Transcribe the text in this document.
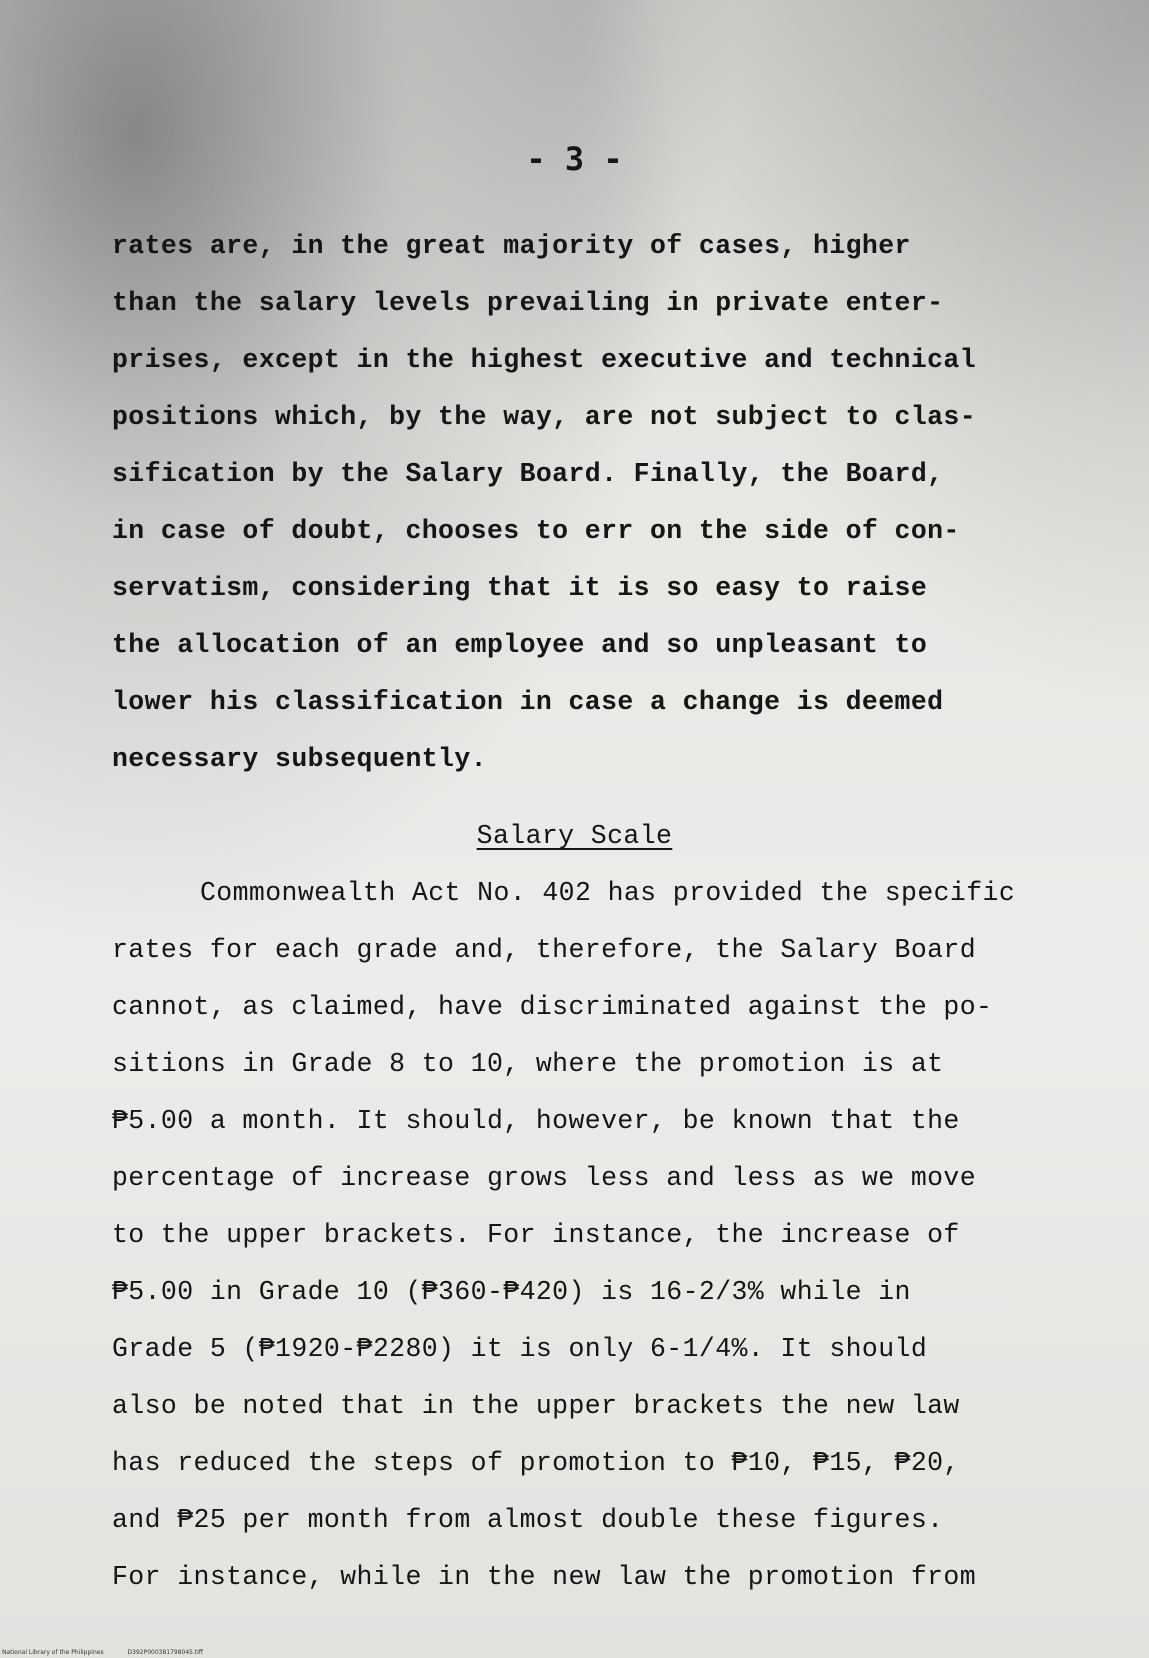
- 3 -

rates are, in the great majority of cases, higher
than the salary levels prevailing in private enter-
prises, except in the highest executive and technical
positions which, by the way, are not subject to clas-
sification by the Salary Board. Finally, the Board,
in case of doubt, chooses to err on the side of con-
servatism, considering that it is so easy to raise
the allocation of an employee and so unpleasant to
lower his classification in case a change is deemed
necessary subsequently.

Salary Scale

Commonwealth Act No. 402 has provided the specific
rates for each grade and, therefore, the Salary Board
cannot, as claimed, have discriminated against the po-
sitions in Grade 8 to 10, where the promotion is at
₱5.00 a month. It should, however, be known that the
percentage of increase grows less and less as we move
to the upper brackets. For instance, the increase of
₱5.00 in Grade 10 (₱360-₱420) is 16-2/3% while in
Grade 5 (₱1920-₱2280) it is only 6-1/4%. It should
also be noted that in the upper brackets the new law
has reduced the steps of promotion to ₱10, ₱15, ₱20,
and ₱25 per month from almost double these figures.
For instance, while in the new law the promotion from

National Library of the Philippines	D392P000381798045.tiff
